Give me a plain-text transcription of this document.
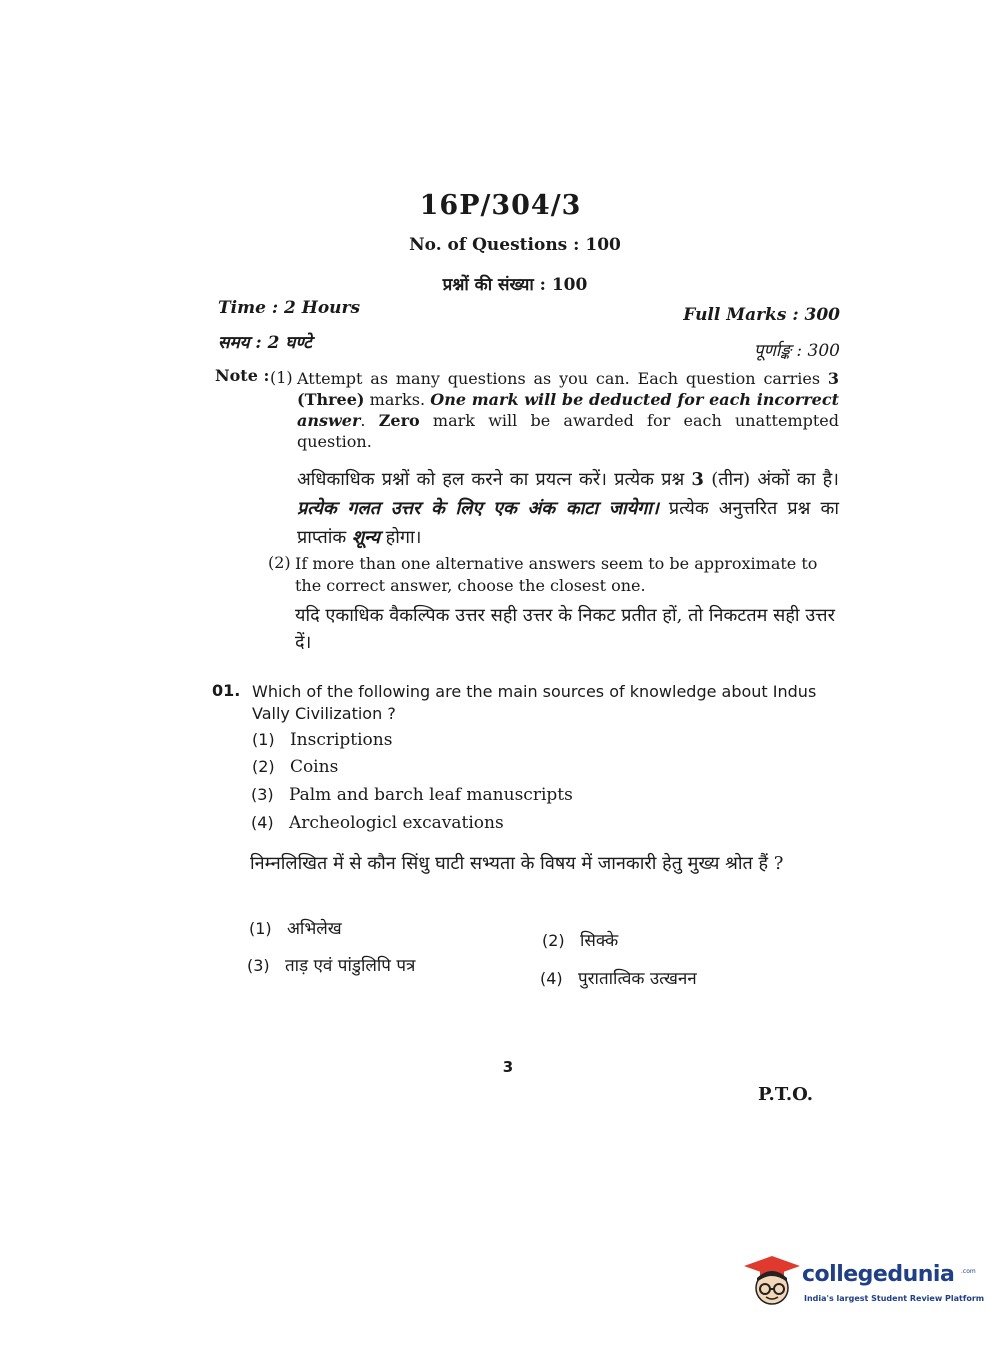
16P/304/3
No. of Questions : 100
प्रश्नों की संख्या : 100
Time : 2 Hours
समय : 2 घण्टे
Full Marks : 300
पूर्णाङ्क : 300
Note : (1) Attempt as many questions as you can. Each question carries 3 (Three) marks. One mark will be deducted for each incorrect answer. Zero mark will be awarded for each unattempted question.
अधिकाधिक प्रश्नों को हल करने का प्रयत्न करें। प्रत्येक प्रश्न 3 (तीन) अंकों का है। प्रत्येक गलत उत्तर के लिए एक अंक काटा जायेगा। प्रत्येक अनुत्तरित प्रश्न का प्राप्तांक शून्य होगा।
(2) If more than one alternative answers seem to be approximate to the correct answer, choose the closest one.
यदि एकाधिक वैकल्पिक उत्तर सही उत्तर के निकट प्रतीत हों, तो निकटतम सही उत्तर दें।
01. Which of the following are the main sources of knowledge about Indus Vally Civilization ?
(1) Inscriptions
(2) Coins
(3) Palm and barch leaf manuscripts
(4) Archeologicl excavations
निम्नलिखित में से कौन सिंधु घाटी सभ्यता के विषय में जानकारी हेतु मुख्य श्रोत हैं ?
(1) अभिलेख
(2) सिक्के
(3) ताड़ एवं पांडुलिपि पत्र
(4) पुरातात्विक उत्खनन
3
P.T.O.
collegedunia .com
India's largest Student Review Platform
